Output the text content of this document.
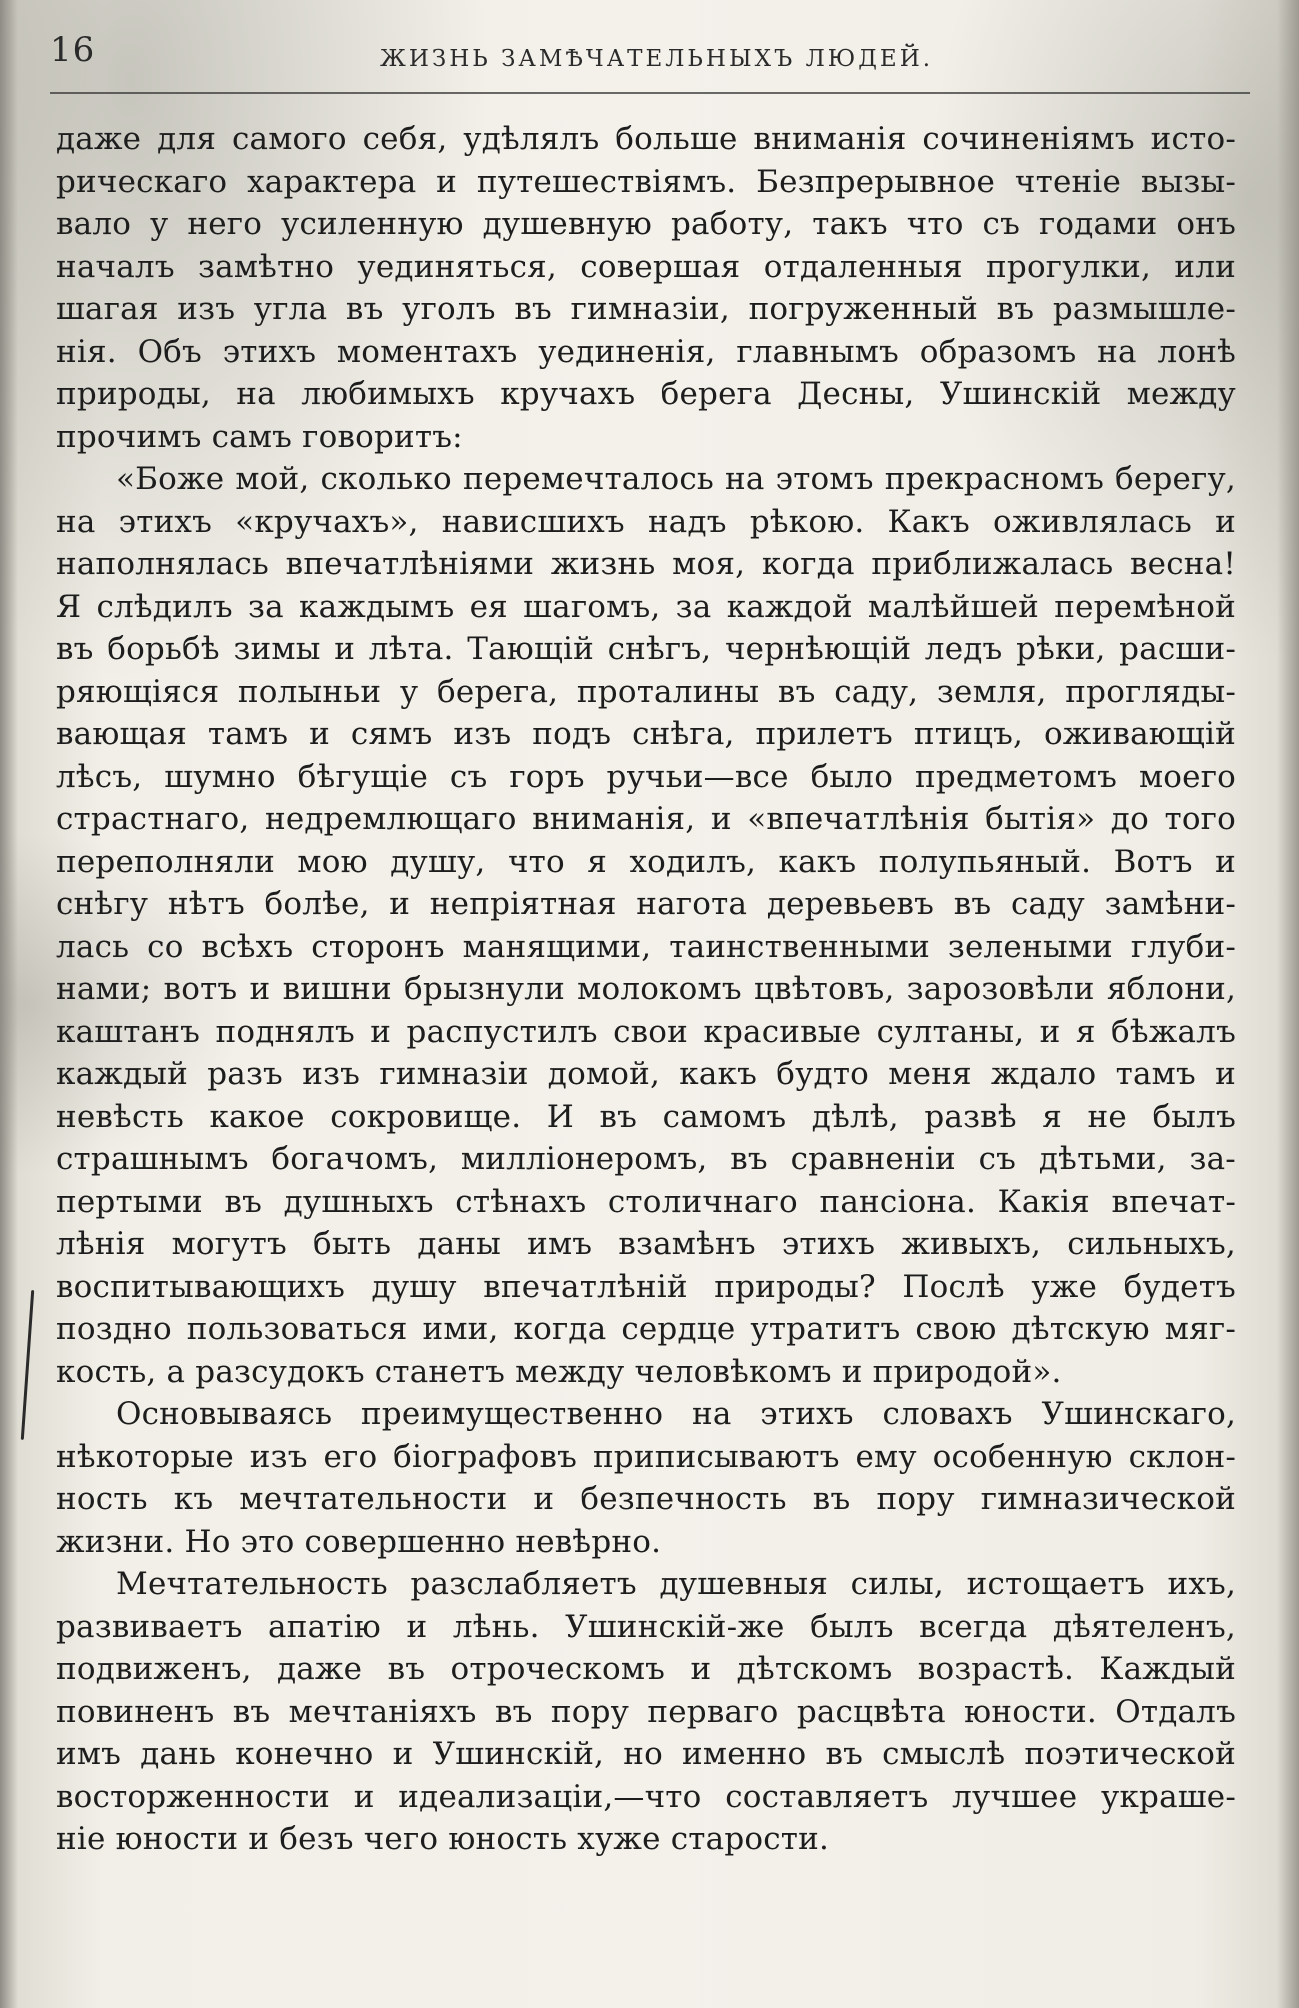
16	ЖИЗНЬ ЗАМѢЧАТЕЛЬНЫХЪ ЛЮДЕЙ.
даже для самого себя, удѣлялъ больше вниманія сочиненіямъ исто-
рическаго характера и путешествіямъ. Безпрерывное чтеніе вызы-
вало у него усиленную душевную работу, такъ что съ годами онъ
началъ замѣтно уединяться, совершая отдаленныя прогулки, или
шагая изъ угла въ уголъ въ гимназіи, погруженный въ размышле-
нія. Объ этихъ моментахъ уединенія, главнымъ образомъ на лонѣ
природы, на любимыхъ кручахъ берега Десны, Ушинскій между
прочимъ самъ говоритъ:
«Боже мой, сколько перемечталось на этомъ прекрасномъ берегу,
на этихъ «кручахъ», нависшихъ надъ рѣкою. Какъ оживлялась и
наполнялась впечатлѣніями жизнь моя, когда приближалась весна!
Я слѣдилъ за каждымъ ея шагомъ, за каждой малѣйшей перемѣной
въ борьбѣ зимы и лѣта. Тающій снѣгъ, чернѣющій ледъ рѣки, расши-
ряющіяся полыньи у берега, проталины въ саду, земля, прогляды-
вающая тамъ и сямъ изъ подъ снѣга, прилетъ птицъ, оживающій
лѣсъ, шумно бѣгущіе съ горъ ручьи—все было предметомъ моего
страстнаго, недремлющаго вниманія, и «впечатлѣнія бытія» до того
переполняли мою душу, что я ходилъ, какъ полупьяный. Вотъ и
снѣгу нѣтъ болѣе, и непріятная нагота деревьевъ въ саду замѣни-
лась со всѣхъ сторонъ манящими, таинственными зелеными глуби-
нами; вотъ и вишни брызнули молокомъ цвѣтовъ, зарозовѣли яблони,
каштанъ поднялъ и распустилъ свои красивые султаны, и я бѣжалъ
каждый разъ изъ гимназіи домой, какъ будто меня ждало тамъ и
невѣсть какое сокровище. И въ самомъ дѣлѣ, развѣ я не былъ
страшнымъ богачомъ, милліонеромъ, въ сравненіи съ дѣтьми, за-
пертыми въ душныхъ стѣнахъ столичнаго пансіона. Какія впечат-
лѣнія могутъ быть даны имъ взамѣнъ этихъ живыхъ, сильныхъ,
воспитывающихъ душу впечатлѣній природы? Послѣ уже будетъ
поздно пользоваться ими, когда сердце утратитъ свою дѣтскую мяг-
кость, а разсудокъ станетъ между человѣкомъ и природой».
Основываясь преимущественно на этихъ словахъ Ушинскаго,
нѣкоторые изъ его біографовъ приписываютъ ему особенную склон-
ность къ мечтательности и безпечность въ пору гимназической
жизни. Но это совершенно невѣрно.
Мечтательность разслабляетъ душевныя силы, истощаетъ ихъ,
развиваетъ апатію и лѣнь. Ушинскій-же былъ всегда дѣятеленъ,
подвиженъ, даже въ отроческомъ и дѣтскомъ возрастѣ. Каждый
повиненъ въ мечтаніяхъ въ пору перваго расцвѣта юности. Отдалъ
имъ дань конечно и Ушинскій, но именно въ смыслѣ поэтической
восторженности и идеализаціи,—что составляетъ лучшее украше-
ніе юности и безъ чего юность хуже старости.
